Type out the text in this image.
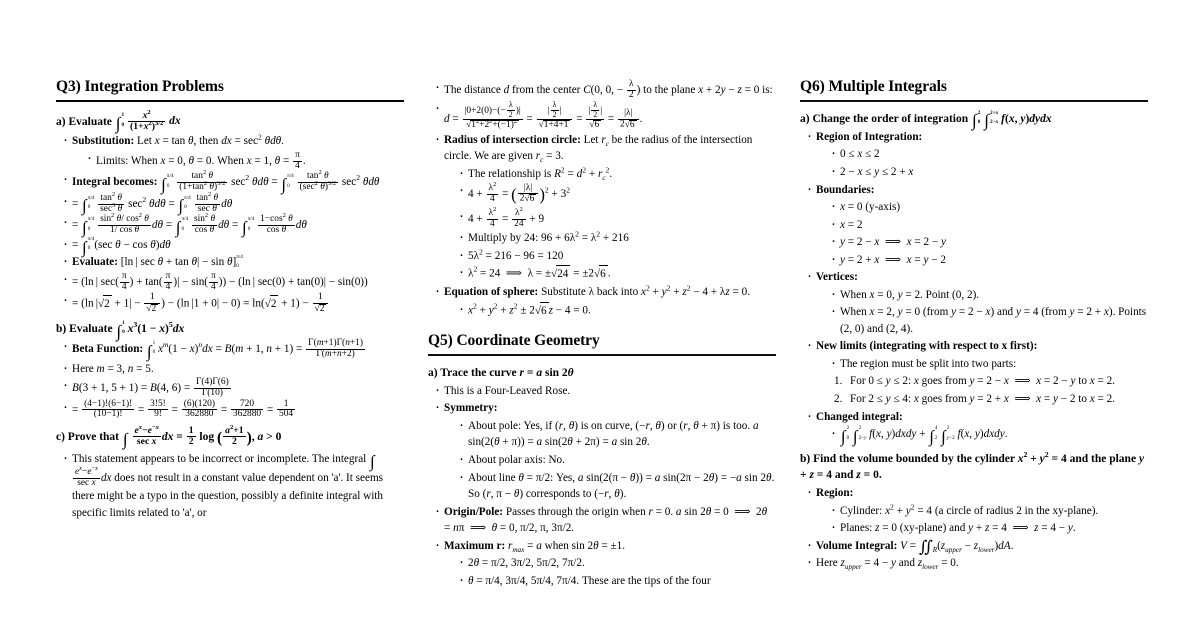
Q3) Integration Problems
a) Evaluate ∫ 1
0
$\frac{x^2}{(1+x^2)^{3/2}}$ dx
· Substitution: Let x = tan θ, then dx = $\sec^2 \theta d\theta$.
· Limits: When x = 0, θ = 0. When x = 1, $\theta = \frac{\pi}{4}$ .
· Integral becomes: ∫ π/4
0
$\frac{\tan^2 \theta}{(1+\tan^2 \theta)^{3/2}} \sec^2 \theta d\theta$ = ∫ π/4
0
$\frac{\tan^2 \theta}{(\sec^2 \theta)^{3/2}} \sec^2 \theta d\theta$
· = ∫ π/4
0
$\frac{\tan^2 \theta}{\sec^3 \theta} \sec^2 \theta d\theta$ = ∫ π/4
0
$\frac{\tan^2 \theta}{\text{sec θ}}$ dθ
· = ∫ π/4
0
$\frac{\sin^2 \theta/ \cos^2 \theta}{\text{1/ cos θ}}$ dθ = ∫ π/4
0
$\frac{\sin^2 \theta}{\text{cos θ}}$ dθ = ∫ π/4
0
$\frac{1-\cos^2 \theta}{\text{cos θ}}$ dθ
· = ∫ π/4
0 (sec θ − cos θ)dθ
· Evaluate: [ln | sec θ + tan θ| − sin θ] π/4
0
· = (ln | $\sec( \frac{\pi}{4}$ ) + $\tan( \frac{\pi}{4}$ )| − $\sin( \frac{\pi}{4}$ )) − (ln | sec(0) + tan(0)| − sin(0))
· = (ln $|√2 + 1| - \frac{1}{√2}$ ) − (ln $|1 + 0| - 0) = \ln(√2 + 1) - \frac{1}{√2}$
b) Evaluate ∫ 1
0 $x^3(1 - x)^5dx$
· Beta Function: ∫ 1
0 $x^m(1 - x)^ndx = B(m + 1$, $n + 1) = \frac{\Gamma(m+1)\Gamma(n+1)}{\Gamma(m+n+2)}$
· Here m = 3, n = 5.
· B(3 + 1, 5 + 1) = B(4, $6) = \frac{\Gamma(4)\Gamma(6)}{\Gamma(10)}$
· = $\frac{(4-1)!(6-1)!}{(10-1)!} = \frac{3!5!}{9!} = \frac{(6)(120)}{362880} = \frac{720}{362880} = \frac{1}{504}$
c) Prove that ∫ $\frac{e^x-e^{-x}}{\text{sec x}}$ dx = $\frac{1}{2}$ log ( $\frac{a^2+1}{2}$ ), a > 0
· This statement appears to be incorrect or incomplete. The integral ∫
$\frac{e^x-e^{-x}}{\text{sec x}}$ dx does not result in a constant value dependent on 'a'. It seems there might be a typo in the question, possibly a definite integral with specific limits related to 'a', or
· The distance d from the center C(0, 0, − $\frac{\lambda}{2}$ ) to the plane x + 2y − z = 0 is:
· $d = \frac{|0+2(0)-(- \frac{\lambda}{2} )|}{√1^2+2^2+(-1)^2} = \frac{| \frac{\lambda}{2} |}{√1+4+1} = \frac{| \frac{\lambda}{2} |}{√6} = \frac{|\lambda|}{2√6}$ .
· Radius of intersection circle: Let $r_c$ be the radius of the intersection circle. We are given $r_c = 3$.
· The relationship is $R^2 = d^2 + r_c^2$.
· $4 + \frac{\lambda^2}{4}$ = ( $\frac{|\lambda|}{2√6} )^2 + 3^2$
· $4 + \frac{\lambda^2}{4} = \frac{\lambda^2}{24} + 9$
· Multiply by 24: $96 + 6\lambda^2 = \lambda^2 + 216$
· $5\lambda^2 = 216 - 96 = 120$
· $\lambda^2 = 24$  ⟹  λ = ±√24 = ±2√6 .
· Equation of sphere: Substitute λ back into $x^2 + y^2 + z^2 - 4 + \lambda z = 0$.
· $x^2 + y^2 + z^2 \pm 2√6$ z − 4 = 0.
Q5) Coordinate Geometry
a) Trace the curve r = a sin 2θ
· This is a Four-Leaved Rose.
· Symmetry:
· About pole: Yes, if (r, θ) is on curve, (−r, θ) or (r, θ + π) is too. a sin(2(θ + π)) = a sin(2θ + 2π) = a sin 2θ.
· About polar axis: No.
· About line θ = π/2: Yes, a sin(2(π − θ)) = a sin(2π − 2θ) = −a sin 2θ. So (r, π − θ) corresponds to (−r, θ).
· Origin/Pole: Passes through the origin when r = 0. a sin 2θ = 0  ⟹  2θ = nπ  ⟹  θ = 0, π/2, π, 3π/2.
· Maximum r: $r_{max} = a$ when sin 2θ = ±1.
· 2θ = π/2, 3π/2, 5π/2, 7π/2.
· θ = π/4, 3π/4, 5π/4, 7π/4. These are the tips of the four
Q6) Multiple Integrals
a) Change the order of integration ∫ 2
0 ∫ 2+x
2−x f(x, y)dydx
· Region of Integration:
· 0 ≤ x ≤ 2
· 2 − x ≤ y ≤ 2 + x
· Boundaries:
· x = 0 (y-axis)
· x = 2
· y = 2 − x  ⟹  x = 2 − y
· y = 2 + x  ⟹  x = y − 2
· Vertices:
· When x = 0, y = 2. Point (0, 2).
· When x = 2, y = 0 (from y = 2 − x) and y = 4 (from y = 2 + x). Points (2, 0) and (2, 4).
· New limits (integrating with respect to x first):
· The region must be split into two parts:
For 0 ≤ y ≤ 2: x goes from y = 2 − x  ⟹  x = 2 − y to x = 2.
For 2 ≤ y ≤ 4: x goes from y = 2 + x  ⟹  x = y − 2 to x = 2.
· Changed integral:
· ∫ 2
0 ∫ 2
2−y f(x, y)dxdy + ∫ 4
2 ∫ 2
y−2 f(x, y)dxdy.
b) Find the volume bounded by the cylinder $x^2 + y^2 = 4$ and the plane y + z = 4 and z = 0.
· Region:
· Cylinder: $x^2 + y^2 = 4$ (a circle of radius 2 in the xy-plane).
· Planes: z = 0 (xy-plane) and y + z = 4  ⟹  z = 4 − y.
· Volume Integral: $V = ∬_R(z_{upper} - z_{lower})dA$.
· Here $z_{upper} = 4 - y$ and $z_{lower} = 0$.
